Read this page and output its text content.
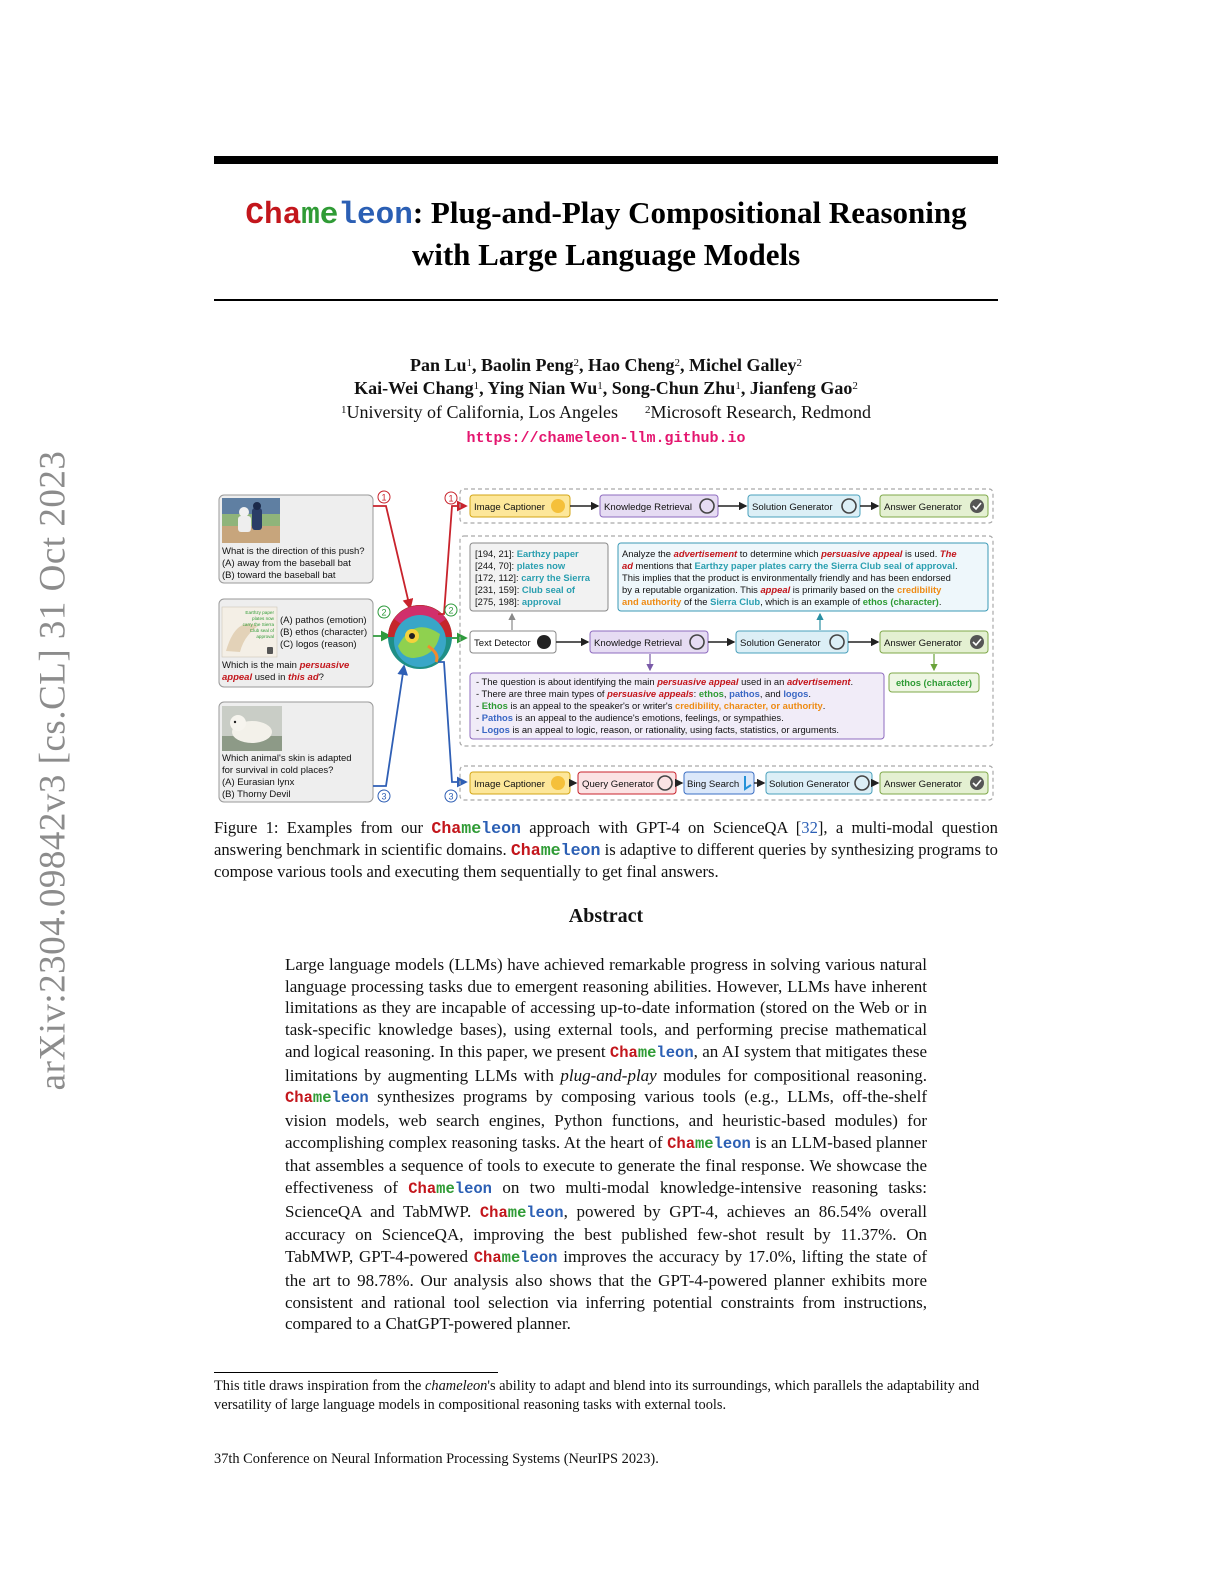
arXiv:2304.09842v3 [cs.CL] 31 Oct 2023
Chameleon: Plug-and-Play Compositional Reasoning
with Large Language Models
Pan Lu$^1$, Baolin Peng$^2$, Hao Cheng$^2$, Michel Galley$^2$
Kai-Wei Chang$^1$, Ying Nian Wu$^1$, Song-Chun Zhu$^1$, Jianfeng Gao$^2$
$^1$University of California, Los Angeles $^2$Microsoft Research, Redmond
https://chameleon-llm.github.io
What is the direction of this push?
(A) away from the baseball bat
(B) toward the baseball bat
Earthzy paper
plates now
carry the Sierra
Club seal of
approval
(A) pathos (emotion)
(B) ethos (character)
(C) logos (reason)
Which is the main persuasive
appeal used in this ad?
Which animal's skin is adapted
for survival in cold places?
(A) Eurasian lynx
(B) Thorny Devil
1
2
3
1
2
3
Image Captioner	Knowledge Retrieval	Solution Generator	Answer Generator
[194, 21]: Earthzy paper
[244, 70]: plates now
[172, 112]: carry the Sierra
[231, 159]: Club seal of
[275, 198]: approval
Analyze the advertisement to determine which persuasive appeal is used. The
ad mentions that Earthzy paper plates carry the Sierra Club seal of approval.
This implies that the product is environmentally friendly and has been endorsed
by a reputable organization. This appeal is primarily based on the credibility
and authority of the Sierra Club, which is an example of ethos (character).
Text Detector	Knowledge Retrieval	Solution Generator	Answer Generator
- The question is about identifying the main persuasive appeal used in an advertisement.
- There are three main types of persuasive appeals: ethos, pathos, and logos.
- Ethos is an appeal to the speaker's or writer's credibility, character, or authority.
- Pathos is an appeal to the audience's emotions, feelings, or sympathies.
- Logos is an appeal to logic, reason, or rationality, using facts, statistics, or arguments.
ethos (character)
Image Captioner	Query Generator	Bing Search	Solution Generator	Answer Generator
Figure 1: Examples from our Chameleon approach with GPT-4 on ScienceQA [32], a multi-modal question answering benchmark in scientific domains. Chameleon is adaptive to different queries by synthesizing programs to compose various tools and executing them sequentially to get final answers.
Abstract
Large language models (LLMs) have achieved remarkable progress in solving various natural language processing tasks due to emergent reasoning abilities. However, LLMs have inherent limitations as they are incapable of accessing up-to-date information (stored on the Web or in task-specific knowledge bases), using external tools, and performing precise mathematical and logical reasoning. In this paper, we present Chameleon, an AI system that mitigates these limitations by augmenting LLMs with plug-and-play modules for compositional reasoning. Chameleon synthesizes programs by composing various tools (e.g., LLMs, off-the-shelf vision models, web search engines, Python functions, and heuristic-based modules) for accomplishing complex reasoning tasks. At the heart of Chameleon is an LLM-based planner that assembles a sequence of tools to execute to generate the final response. We showcase the effectiveness of Chameleon on two multi-modal knowledge-intensive reasoning tasks: ScienceQA and TabMWP. Chameleon, powered by GPT-4, achieves an 86.54% overall accuracy on ScienceQA, improving the best published few-shot result by 11.37%. On TabMWP, GPT-4-powered Chameleon improves the accuracy by 17.0%, lifting the state of the art to 98.78%. Our analysis also shows that the GPT-4-powered planner exhibits more consistent and rational tool selection via inferring potential constraints from instructions, compared to a ChatGPT-powered planner.
This title draws inspiration from the chameleon's ability to adapt and blend into its surroundings, which parallels the adaptability and versatility of large language models in compositional reasoning tasks with external tools.
37th Conference on Neural Information Processing Systems (NeurIPS 2023).
